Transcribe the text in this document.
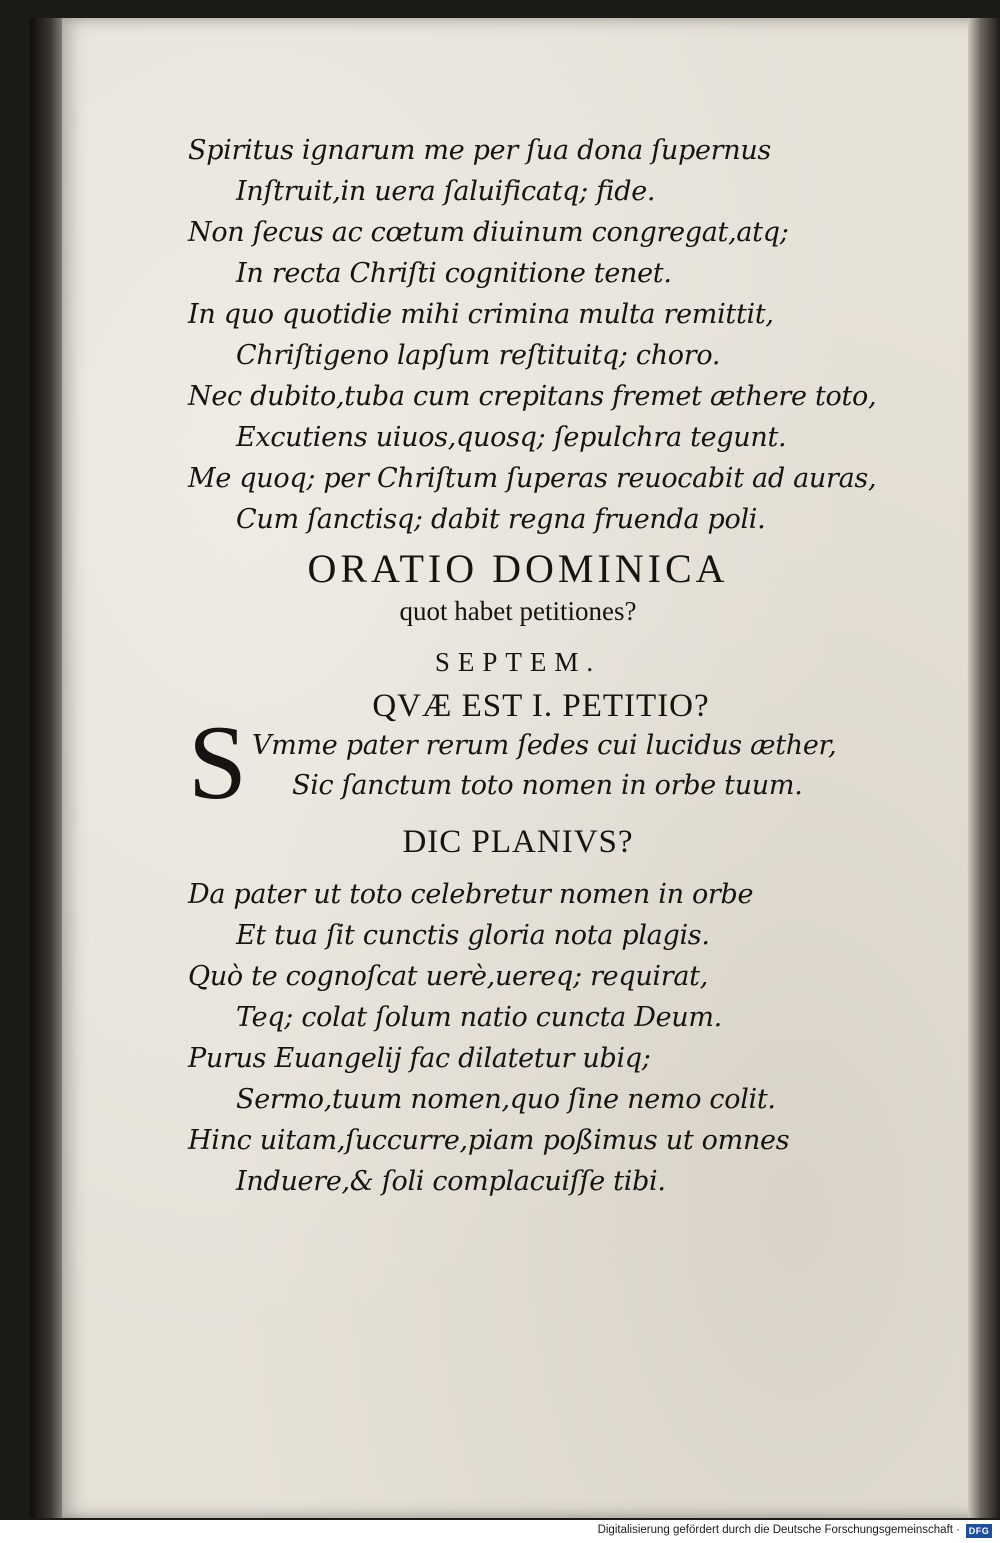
Spiritus ignarum me per ſua dona ſupernus
Inſtruit,in uera ſaluificatq; fide.
Non ſecus ac cœtum diuinum congregat,atq;
In recta Chriſti cognitione tenet.
In quo quotidie mihi crimina multa remittit,
Chriſtigeno lapſum reſtituitq; choro.
Nec dubito,tuba cum crepitans fremet æthere toto,
Excutiens uiuos,quosq; ſepulchra tegunt.
Me quoq; per Chriſtum ſuperas reuocabit ad auras,
Cum ſanctisq; dabit regna fruenda poli.
ORATIO DOMINICA
quot habet petitiones?
SEPTEM.
QVÆ EST I. PETITIO?
S Vmme pater rerum ſedes cui lucidus æther,
Sic ſanctum toto nomen in orbe tuum.
DIC PLANIVS?
Da pater ut toto celebretur nomen in orbe
Et tua ſit cunctis gloria nota plagis.
Quò te cognoſcat uerè,uereq; requirat,
Teq; colat ſolum natio cuncta Deum.
Purus Euangelij fac dilatetur ubiq;
Sermo,tuum nomen,quo ſine nemo colit.
Hinc uitam,ſuccurre,piam poßimus ut omnes
Induere,& ſoli complacuiſſe tibi.
Digitalisierung gefördert durch die Deutsche Forschungsgemeinschaft · DFG
